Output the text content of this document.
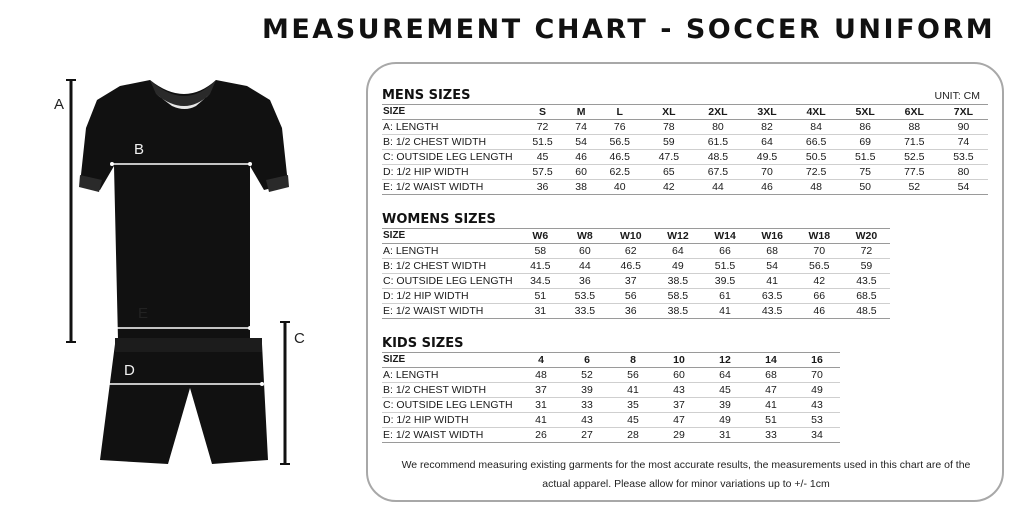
MEASUREMENT CHART - SOCCER UNIFORM
A
B
C
D
E
UNIT: CM
MENS SIZES
SIZE	S	M	L	XL	2XL	3XL	4XL	5XL	6XL	7XL
A: LENGTH	72	74	76	78	80	82	84	86	88	90
B: 1/2 CHEST WIDTH	51.5	54	56.5	59	61.5	64	66.5	69	71.5	74
C: OUTSIDE LEG LENGTH	45	46	46.5	47.5	48.5	49.5	50.5	51.5	52.5	53.5
D: 1/2 HIP WIDTH	57.5	60	62.5	65	67.5	70	72.5	75	77.5	80
E: 1/2 WAIST WIDTH	36	38	40	42	44	46	48	50	52	54
WOMENS SIZES
SIZE	W6	W8	W10	W12	W14	W16	W18	W20
A: LENGTH	58	60	62	64	66	68	70	72
B: 1/2 CHEST WIDTH	41.5	44	46.5	49	51.5	54	56.5	59
C: OUTSIDE LEG LENGTH	34.5	36	37	38.5	39.5	41	42	43.5
D: 1/2 HIP WIDTH	51	53.5	56	58.5	61	63.5	66	68.5
E: 1/2 WAIST WIDTH	31	33.5	36	38.5	41	43.5	46	48.5
KIDS SIZES
SIZE	4	6	8	10	12	14	16
A: LENGTH	48	52	56	60	64	68	70
B: 1/2 CHEST WIDTH	37	39	41	43	45	47	49
C: OUTSIDE LEG LENGTH	31	33	35	37	39	41	43
D: 1/2 HIP WIDTH	41	43	45	47	49	51	53
E: 1/2 WAIST WIDTH	26	27	28	29	31	33	34
We recommend measuring existing garments for the most accurate results, the measurements used in this chart are of the
actual apparel. Please allow for minor variations up to +/- 1cm
